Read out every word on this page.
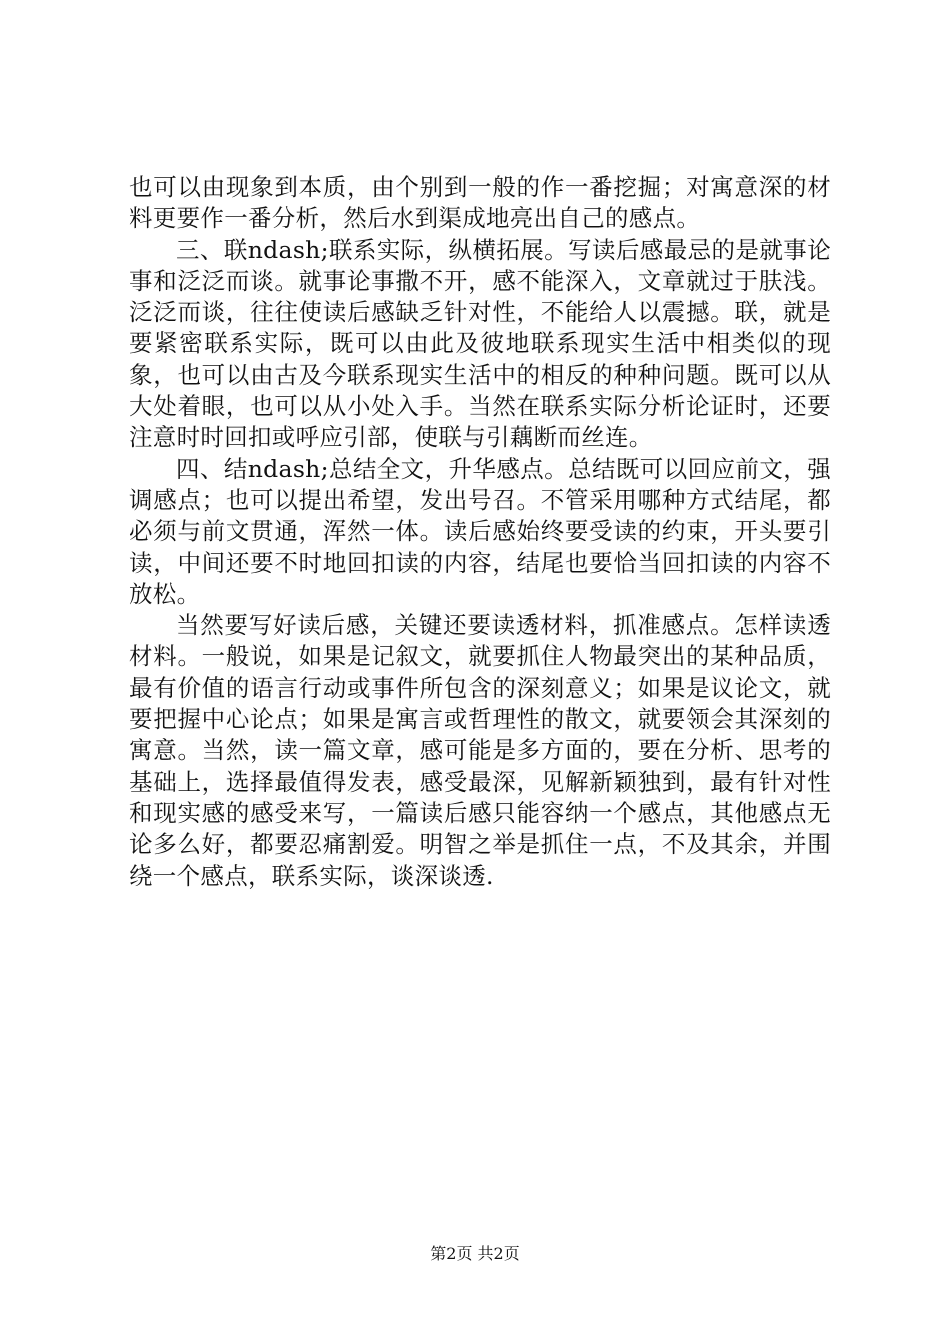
也可以由现象到本质，由个别到一般的作一番挖掘；对寓意深的材料更要作一番分析，然后水到渠成地亮出自己的感点。

三、联ndash;联系实际，纵横拓展。写读后感最忌的是就事论事和泛泛而谈。就事论事撒不开，感不能深入，文章就过于肤浅。泛泛而谈，往往使读后感缺乏针对性，不能给人以震撼。联，就是要紧密联系实际，既可以由此及彼地联系现实生活中相类似的现象，也可以由古及今联系现实生活中的相反的种种问题。既可以从大处着眼，也可以从小处入手。当然在联系实际分析论证时，还要注意时时回扣或呼应引部，使联与引藕断而丝连。

四、结ndash;总结全文，升华感点。总结既可以回应前文，强调感点；也可以提出希望，发出号召。不管采用哪种方式结尾，都必须与前文贯通，浑然一体。读后感始终要受读的约束，开头要引读，中间还要不时地回扣读的内容，结尾也要恰当回扣读的内容不放松。

当然要写好读后感，关键还要读透材料，抓准感点。怎样读透材料。一般说，如果是记叙文，就要抓住人物最突出的某种品质，最有价值的语言行动或事件所包含的深刻意义；如果是议论文，就要把握中心论点；如果是寓言或哲理性的散文，就要领会其深刻的寓意。当然，读一篇文章，感可能是多方面的，要在分析、思考的基础上，选择最值得发表，感受最深，见解新颖独到，最有针对性和现实感的感受来写，一篇读后感只能容纳一个感点，其他感点无论多么好，都要忍痛割爱。明智之举是抓住一点，不及其余，并围绕一个感点，联系实际，谈深谈透.

第2页 共2页
